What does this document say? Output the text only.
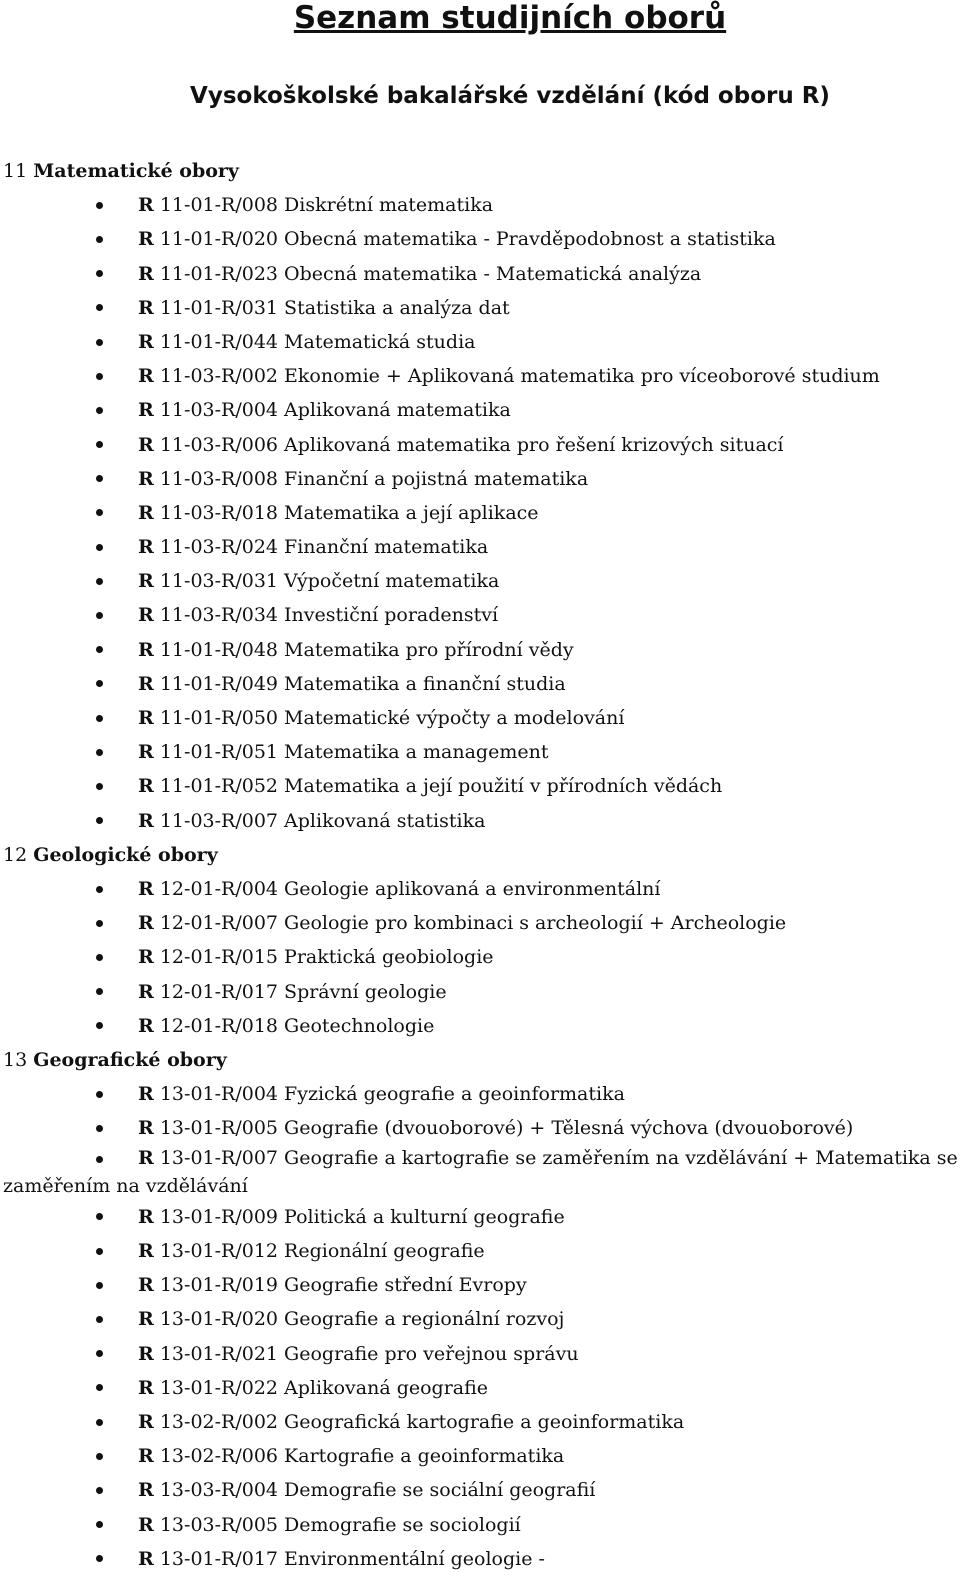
Seznam studijních oborů
Vysokoškolské bakalářské vzdělání (kód oboru R)
11 Matematické obory
R 11-01-R/008 Diskrétní matematika
R 11-01-R/020 Obecná matematika - Pravděpodobnost a statistika
R 11-01-R/023 Obecná matematika - Matematická analýza
R 11-01-R/031 Statistika a analýza dat
R 11-01-R/044 Matematická studia
R 11-03-R/002 Ekonomie + Aplikovaná matematika pro víceoborové studium
R 11-03-R/004 Aplikovaná matematika
R 11-03-R/006 Aplikovaná matematika pro řešení krizových situací
R 11-03-R/008 Finanční a pojistná matematika
R 11-03-R/018 Matematika a její aplikace
R 11-03-R/024 Finanční matematika
R 11-03-R/031 Výpočetní matematika
R 11-03-R/034 Investiční poradenství
R 11-01-R/048 Matematika pro přírodní vědy
R 11-01-R/049 Matematika a finanční studia
R 11-01-R/050 Matematické výpočty a modelování
R 11-01-R/051 Matematika a management
R 11-01-R/052 Matematika a její použití v přírodních vědách
R 11-03-R/007 Aplikovaná statistika
12 Geologické obory
R 12-01-R/004 Geologie aplikovaná a environmentální
R 12-01-R/007 Geologie pro kombinaci s archeologií + Archeologie
R 12-01-R/015 Praktická geobiologie
R 12-01-R/017 Správní geologie
R 12-01-R/018 Geotechnologie
13 Geografické obory
R 13-01-R/004 Fyzická geografie a geoinformatika
R 13-01-R/005 Geografie (dvouoborové) + Tělesná výchova (dvouoborové)
R 13-01-R/007 Geografie a kartografie se zaměřením na vzdělávání + Matematika se zaměřením na vzdělávání
R 13-01-R/009 Politická a kulturní geografie
R 13-01-R/012 Regionální geografie
R 13-01-R/019 Geografie střední Evropy
R 13-01-R/020 Geografie a regionální rozvoj
R 13-01-R/021 Geografie pro veřejnou správu
R 13-01-R/022 Aplikovaná geografie
R 13-02-R/002 Geografická kartografie a geoinformatika
R 13-02-R/006 Kartografie a geoinformatika
R 13-03-R/004 Demografie se sociální geografií
R 13-03-R/005 Demografie se sociologií
R 13-01-R/017 Environmentální geologie -
